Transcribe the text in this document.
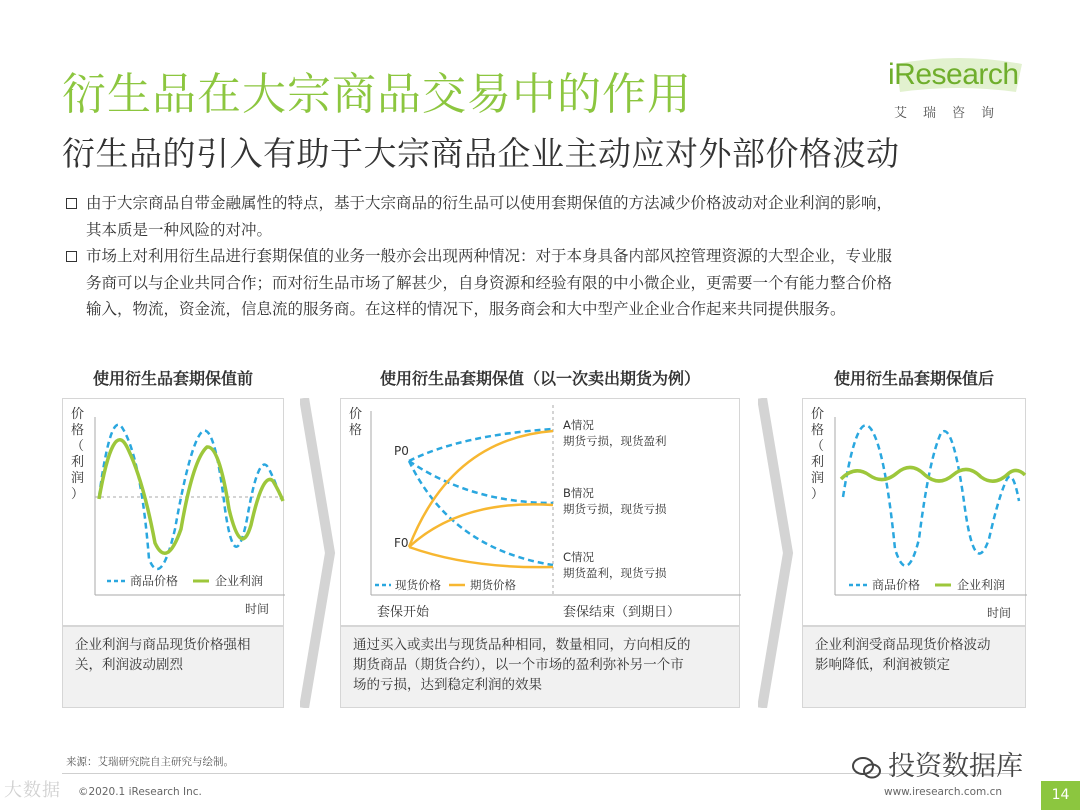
衍生品在大宗商品交易中的作用
衍生品的引入有助于大宗商品企业主动应对外部价格波动
iResearch
艾瑞咨询
由于大宗商品自带金融属性的特点，基于大宗商品的衍生品可以使用套期保值的方法减少价格波动对企业利润的影响，
其本质是一种风险的对冲。
市场上对利用衍生品进行套期保值的业务一般亦会出现两种情况：对于本身具备内部风控管理资源的大型企业，专业服
务商可以与企业共同合作；而对衍生品市场了解甚少，自身资源和经验有限的中小微企业，更需要一个有能力整合价格
输入，物流，资金流，信息流的服务商。在这样的情况下，服务商会和大中型产业企业合作起来共同提供服务。
使用衍生品套期保值前	使用衍生品套期保值（以一次卖出期货为例）	使用衍生品套期保值后
价
格
（
利
润
）
商品价格	企业利润
时间
企业利润与商品现货价格强相
关，利润波动剧烈
价
格
P0
F0
A情况
期货亏损，现货盈利
B情况
期货亏损，现货亏损
C情况
期货盈利，现货亏损
现货价格	期货价格
套保开始	套保结束（到期日）
通过买入或卖出与现货品种相同，数量相同，方向相反的
期货商品（期货合约），以一个市场的盈利弥补另一个市
场的亏损，达到稳定利润的效果
价
格
（
利
润
）
商品价格	企业利润
时间
企业利润受商品现货价格波动
影响降低，利润被锁定
来源：艾瑞研究院自主研究与绘制。
©2020.1 iResearch Inc.	www.iresearch.com.cn	14
大数据
投资数据库
